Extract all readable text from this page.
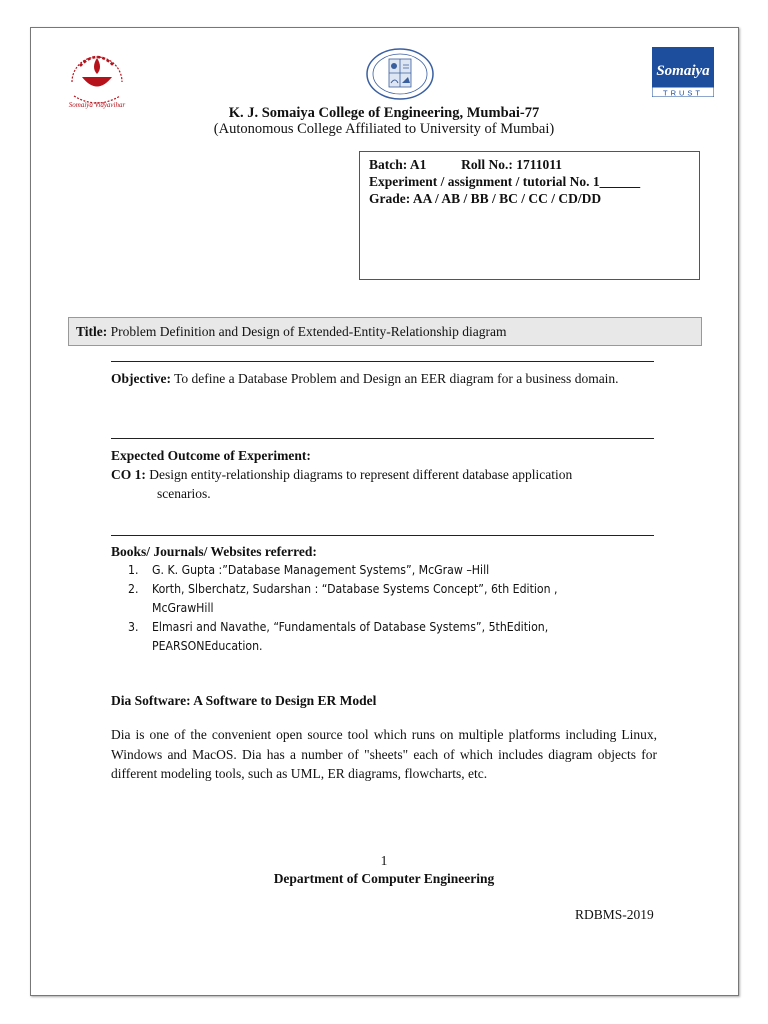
Somaiya Vidyavihar
Somaiya
TRUST
K. J. Somaiya College of Engineering, Mumbai-77
(Autonomous College Affiliated to University of Mumbai)
Batch: A1	Roll No.: 1711011
Experiment / assignment / tutorial No. 1______
Grade: AA / AB / BB / BC / CC / CD/DD
Title: Problem Definition and Design of Extended-Entity-Relationship diagram
Objective: To define a Database Problem and Design an EER diagram for a business domain.
Expected Outcome of Experiment:
CO 1: Design entity-relationship diagrams to represent different database application
scenarios.
Books/ Journals/ Websites referred:
1. G. K. Gupta :”Database Management Systems”, McGraw –Hill
2. Korth, Slberchatz, Sudarshan : “Database Systems Concept”, 6th Edition ,
McGrawHill
3. Elmasri and Navathe, “Fundamentals of Database Systems”, 5thEdition,
PEARSONEducation.
Dia Software: A Software to Design ER Model
Dia is one of the convenient open source tool which runs on multiple platforms including Linux, Windows and MacOS. Dia has a number of "sheets" each of which includes diagram objects for different modeling tools, such as UML, ER diagrams, flowcharts, etc.
1
Department of Computer Engineering
RDBMS-2019
